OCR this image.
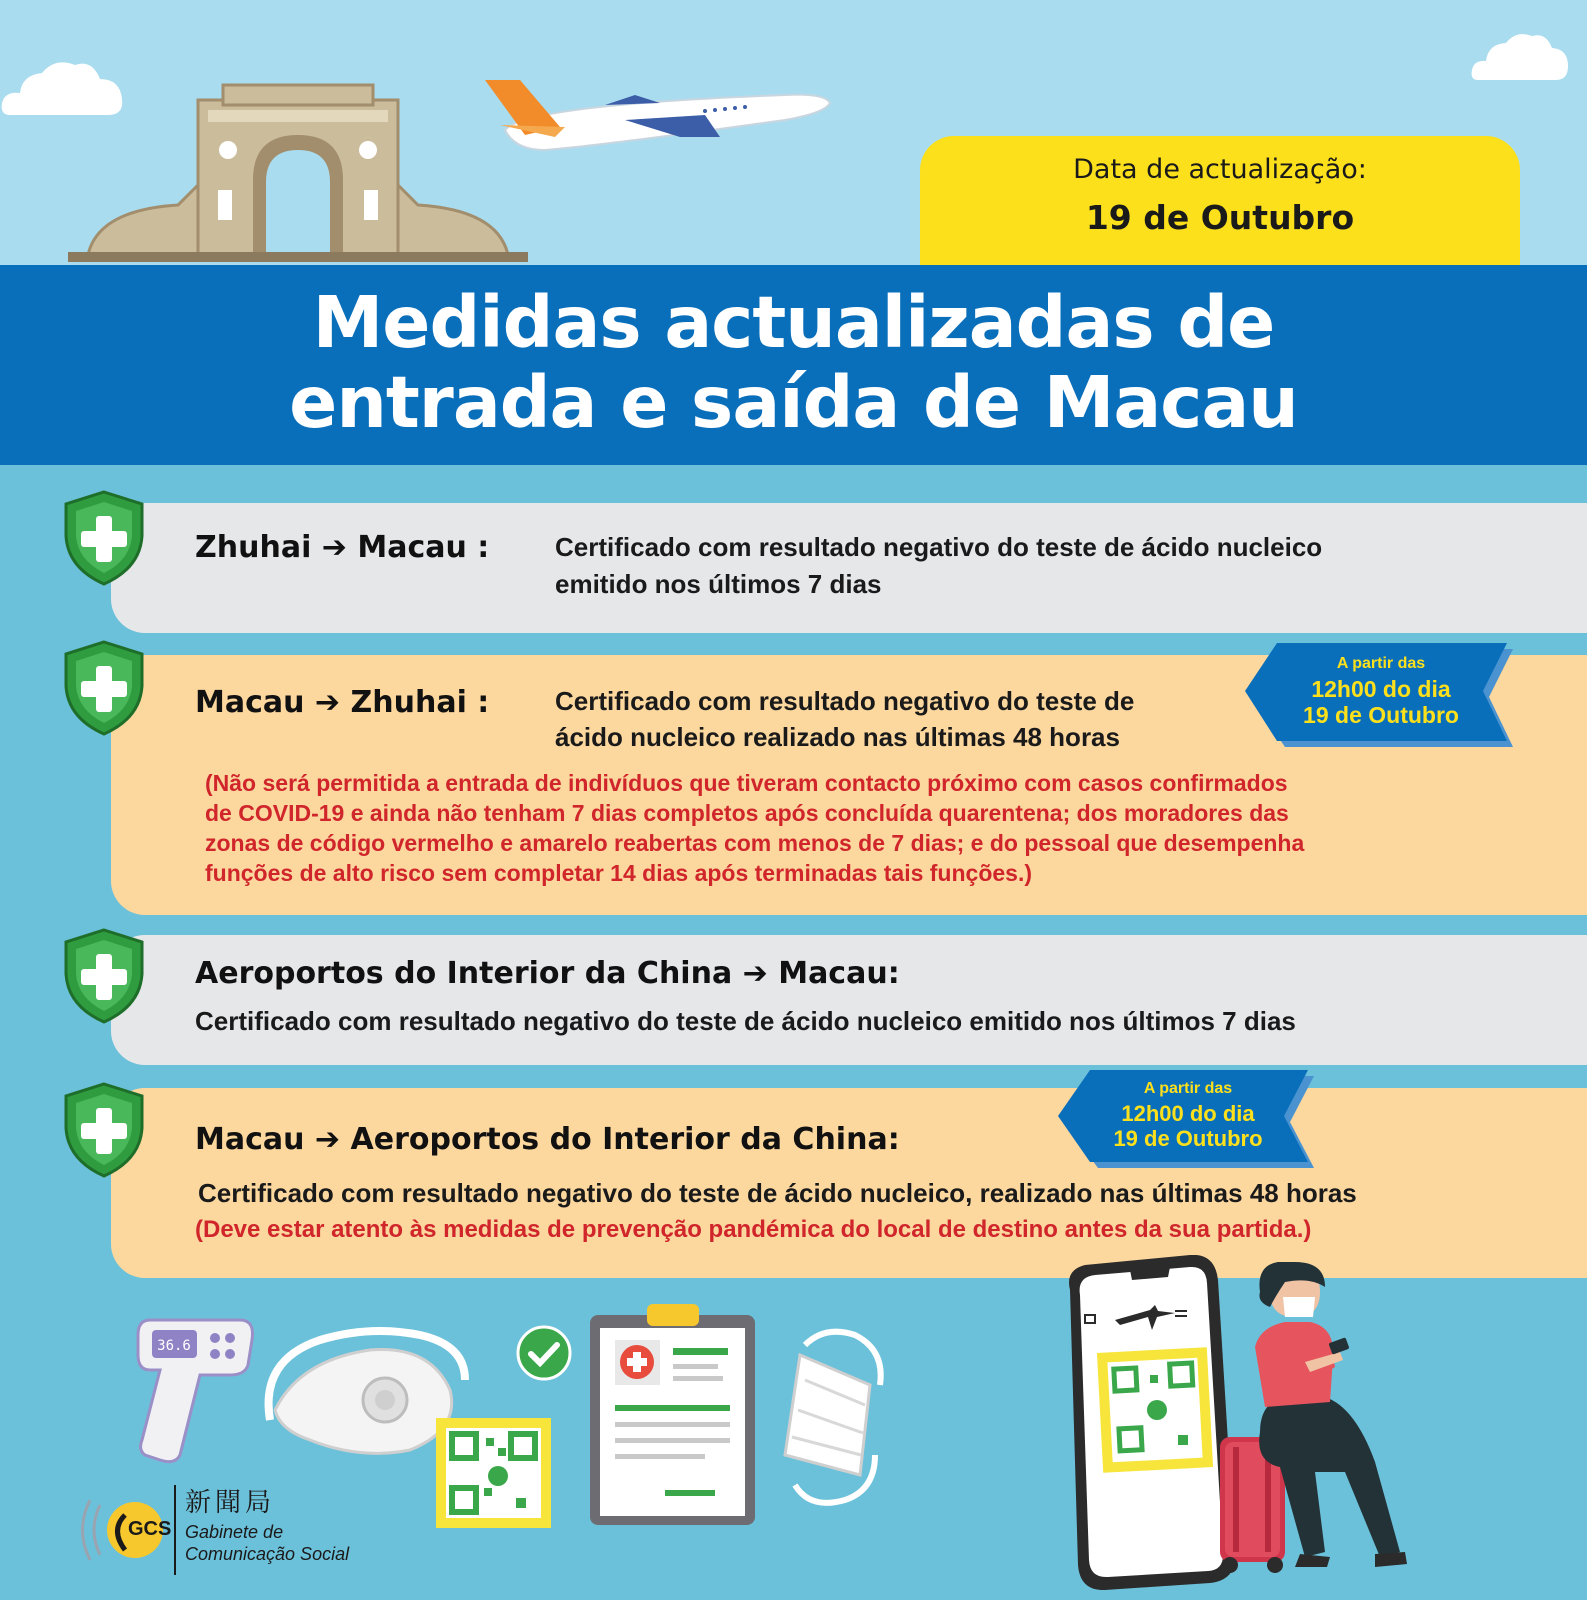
Data de actualização:
19 de Outubro
Medidas actualizadas de
entrada e saída de Macau
Zhuhai ➔ Macau :	Certificado com resultado negativo do teste de ácido nucleico
emitido nos últimos 7 dias
Macau ➔ Zhuhai :	Certificado com resultado negativo do teste de
ácido nucleico realizado nas últimas 48 horas
(Não será permitida a entrada de indivíduos que tiveram contacto próximo com casos confirmados
de COVID-19 e ainda não tenham 7 dias completos após concluída quarentena; dos moradores das
zonas de código vermelho e amarelo reabertas com menos de 7 dias; e do pessoal que desempenha
funções de alto risco sem completar 14 dias após terminadas tais funções.)
A partir das
12h00 do dia
19 de Outubro
Aeroportos do Interior da China ➔ Macau:
Certificado com resultado negativo do teste de ácido nucleico emitido nos últimos 7 dias
Macau ➔ Aeroportos do Interior da China:
Certificado com resultado negativo do teste de ácido nucleico, realizado nas últimas 48 horas
(Deve estar atento às medidas de prevenção pandémica do local de destino antes da sua partida.)
A partir das
12h00 do dia
19 de Outubro
36.6
GCS
新聞局
Gabinete de
Comunicação Social
